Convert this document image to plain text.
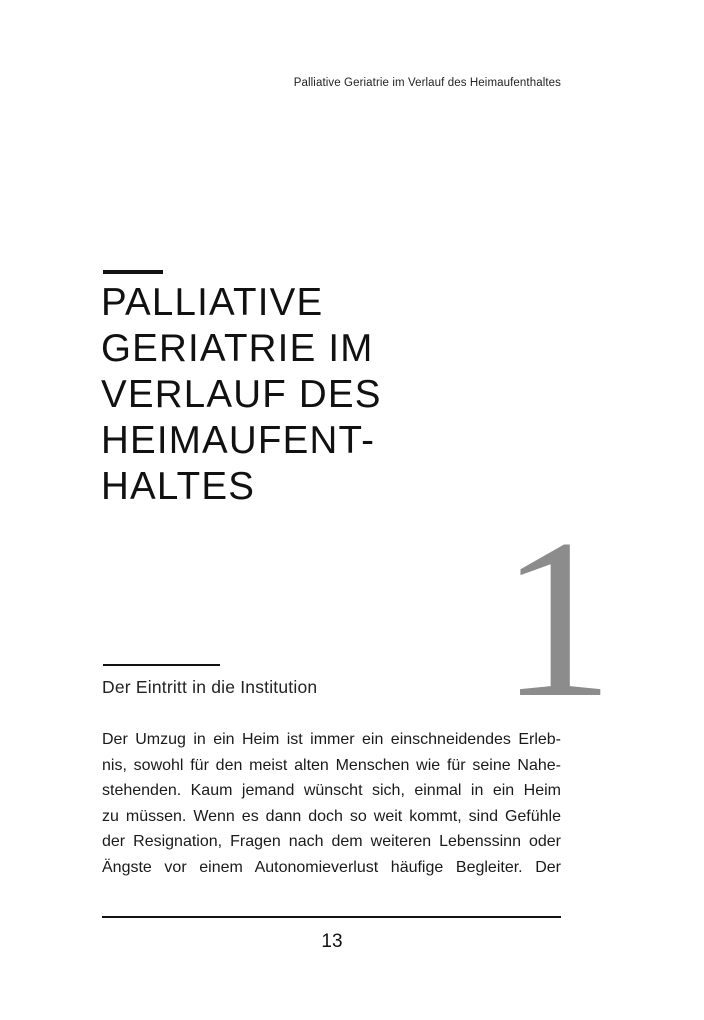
Palliative Geriatrie im Verlauf des Heimaufenthaltes
PALLIATIVE
GERIATRIE IM
VERLAUF DES
HEIMAUFENT-
HALTES
1
Der Eintritt in die Institution
Der Umzug in ein Heim ist immer ein einschneidendes Erleb-
nis, sowohl für den meist alten Menschen wie für seine Nahe-
stehenden. Kaum jemand wünscht sich, einmal in ein Heim
zu müssen. Wenn es dann doch so weit kommt, sind Gefühle
der Resignation, Fragen nach dem weiteren Lebenssinn oder
Ängste vor einem Autonomieverlust häufige Begleiter. Der
13
